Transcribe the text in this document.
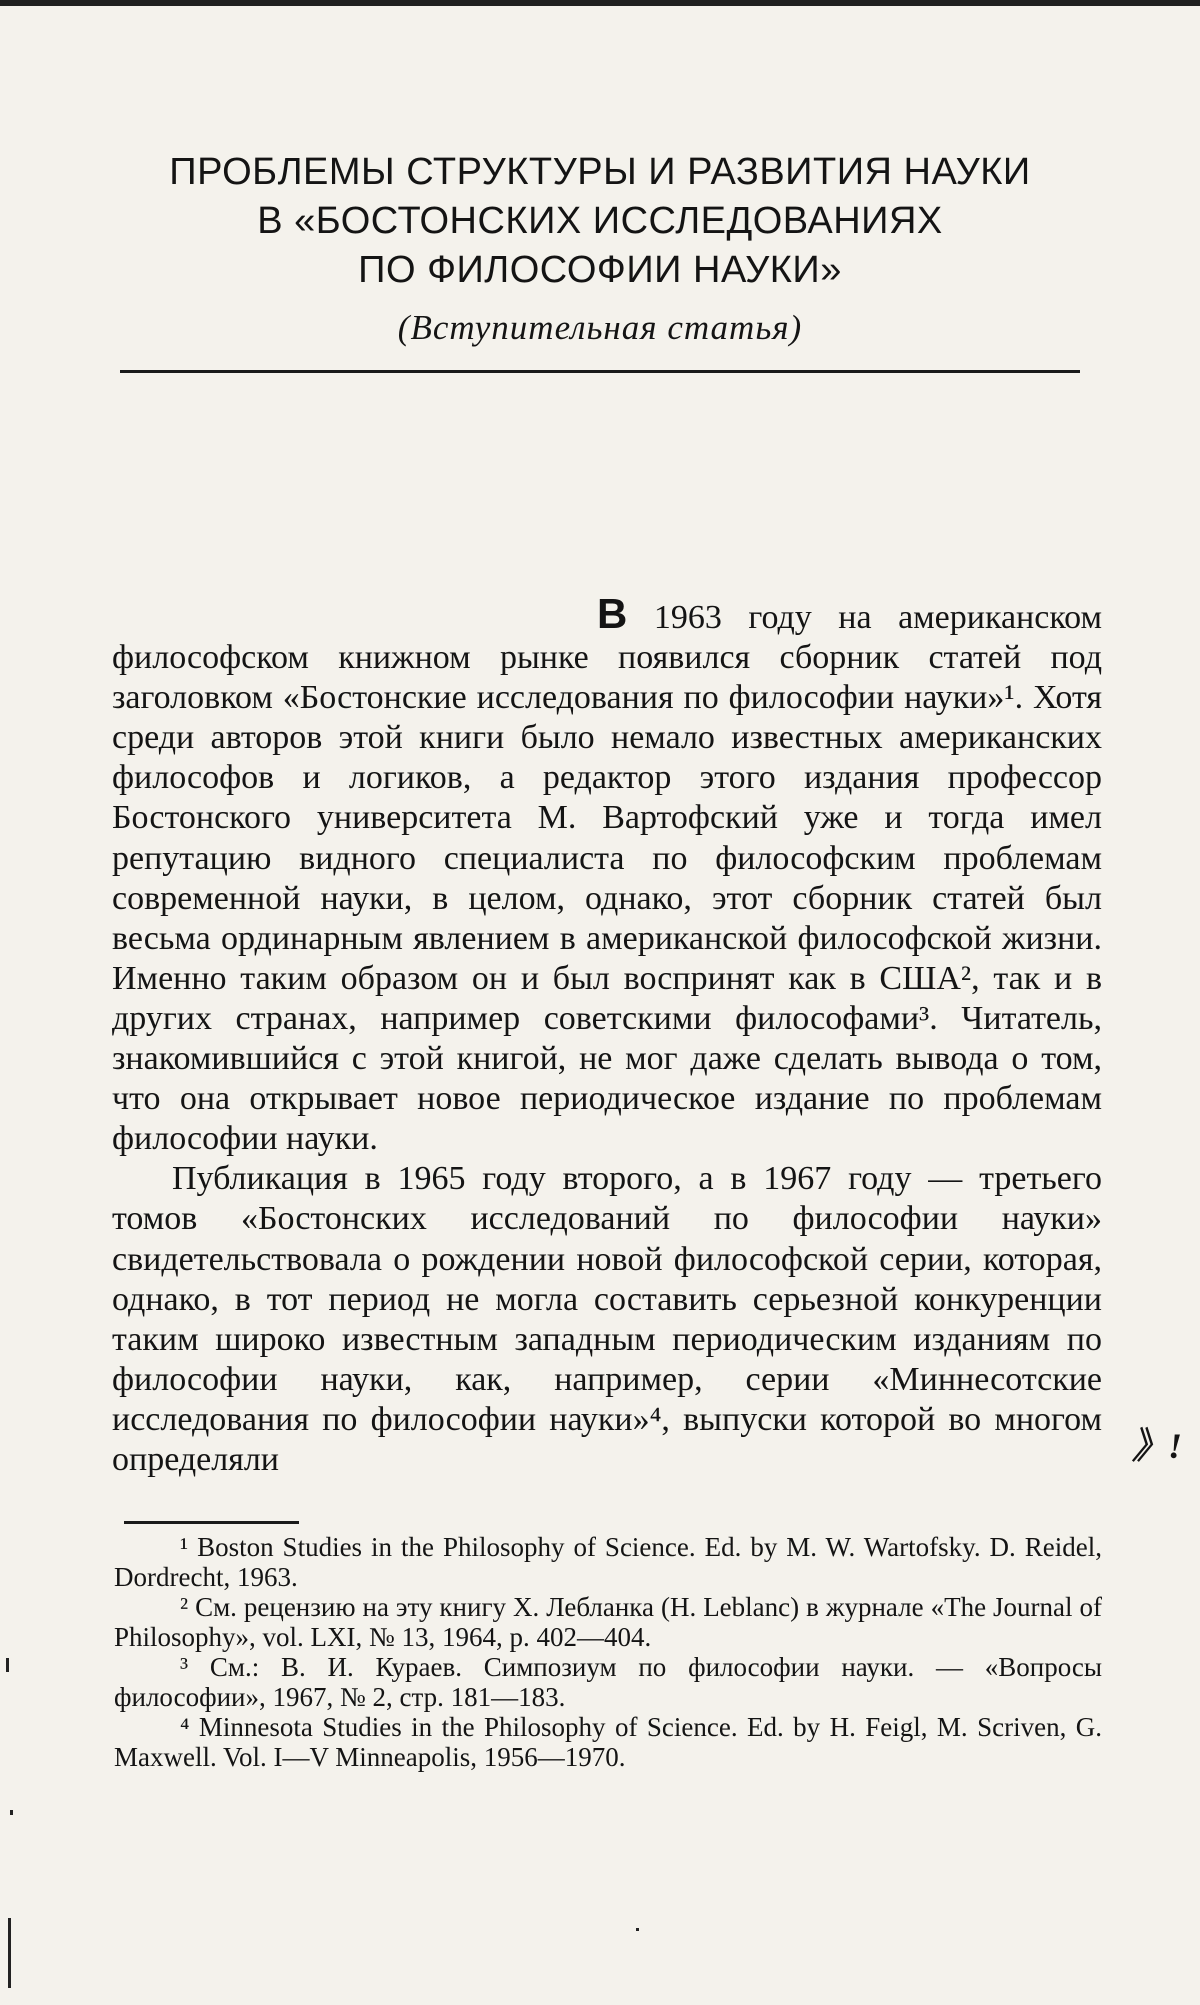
ПРОБЛЕМЫ СТРУКТУРЫ И РАЗВИТИЯ НАУКИ
В «БОСТОНСКИХ ИССЛЕДОВАНИЯХ
ПО ФИЛОСОФИИ НАУКИ»
(Вступительная статья)

В 1963 году на американском философском книжном рынке появился сборник статей под заголовком «Бостонские исследования по философии науки»¹. Хотя среди авторов этой книги было немало известных американских философов и логиков, а редактор этого издания профессор Бостонского университета М. Вартофский уже и тогда имел репутацию видного специалиста по философским проблемам современной науки, в целом, однако, этот сборник статей был весьма ординарным явлением в американской философской жизни. Именно таким образом он и был воспринят как в США², так и в других странах, например советскими философами³. Читатель, знакомившийся с этой книгой, не мог даже сделать вывода о том, что она открывает новое периодическое издание по проблемам философии науки.

Публикация в 1965 году второго, а в 1967 году — третьего томов «Бостонских исследований по философии науки» свидетельствовала о рождении новой философской серии, которая, однако, в тот период не могла составить серьезной конкуренции таким широко известным западным периодическим изданиям по философии науки, как, например, серии «Миннесотские исследования по философии науки»⁴, выпуски которой во многом определяли	》!

¹ Boston Studies in the Philosophy of Science. Ed. by M. W. Wartofsky. D. Reidel, Dordrecht, 1963.

² См. рецензию на эту книгу Х. Лебланка (H. Leblanc) в журнале «The Journal of Philosophy», vol. LXI, № 13, 1964, p. 402—404.

³ См.: В. И. Кураев. Симпозиум по философии науки. — «Вопросы философии», 1967, № 2, стр. 181—183.

⁴ Minnesota Studies in the Philosophy of Science. Ed. by H. Feigl, M. Scriven, G. Maxwell. Vol. I—V Minneapolis, 1956—1970.
